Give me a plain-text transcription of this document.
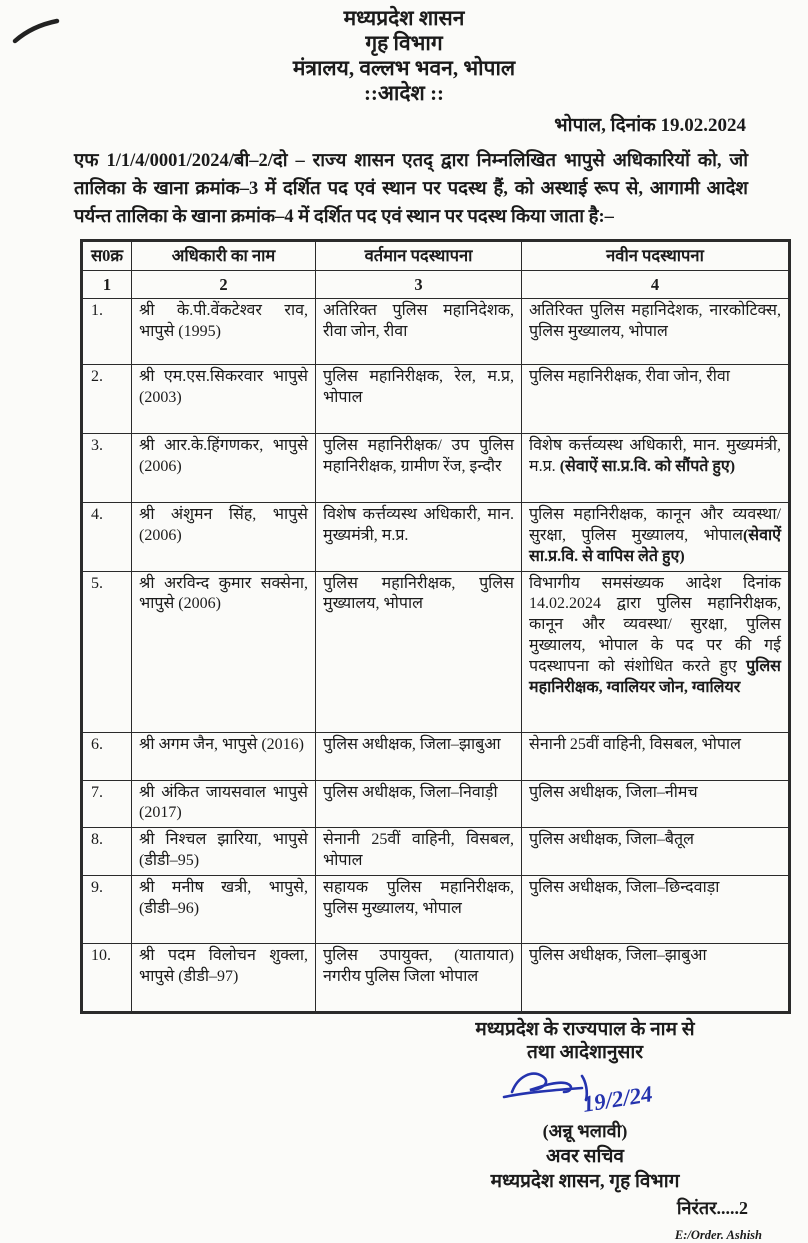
मध्यप्रदेश शासन
गृह विभाग
मंत्रालय, वल्लभ भवन, भोपाल
::आदेश ::
भोपाल, दिनांक 19.02.2024
एफ 1/1/4/0001/2024/बी–2/दो – राज्य शासन एतद् द्वारा निम्नलिखित भापुसे अधिकारियों को, जो तालिका के खाना क्रमांक–3 में दर्शित पद एवं स्थान पर पदस्थ हैं, को अस्थाई रूप से, आगामी आदेश पर्यन्त तालिका के खाना क्रमांक–4 में दर्शित पद एवं स्थान पर पदस्थ किया जाता है:–
स0क्र	अधिकारी का नाम	वर्तमान पदस्थापना	नवीन पदस्थापना
1	2	3	4
1.	श्री के.पी.वेंकटेश्वर राव, भापुसे (1995)	अतिरिक्त पुलिस महानिदेशक, रीवा जोन, रीवा	अतिरिक्त पुलिस महानिदेशक, नारकोटिक्स, पुलिस मुख्यालय, भोपाल
2.	श्री एम.एस.सिकरवार भापुसे (2003)	पुलिस महानिरीक्षक, रेल, म.प्र, भोपाल	पुलिस महानिरीक्षक, रीवा जोन, रीवा
3.	श्री आर.के.हिंगणकर, भापुसे (2006)	पुलिस महानिरीक्षक/ उप पुलिस महानिरीक्षक, ग्रामीण रेंज, इन्दौर	विशेष कर्त्तव्यस्थ अधिकारी, मान. मुख्यमंत्री, म.प्र. (सेवाऐं सा.प्र.वि. को सौंपते हुए)
4.	श्री अंशुमन सिंह, भापुसे (2006)	विशेष कर्त्तव्यस्थ अधिकारी, मान. मुख्यमंत्री, म.प्र.	पुलिस महानिरीक्षक, कानून और व्यवस्था/सुरक्षा, पुलिस मुख्यालय, भोपाल(सेवाऐं सा.प्र.वि. से वापिस लेते हुए)
5.	श्री अरविन्द कुमार सक्सेना, भापुसे (2006)	पुलिस महानिरीक्षक, पुलिस मुख्यालय, भोपाल	विभागीय समसंख्यक आदेश दिनांक 14.02.2024 द्वारा पुलिस महानिरीक्षक, कानून और व्यवस्था/ सुरक्षा, पुलिस मुख्यालय, भोपाल के पद पर की गई पदस्थापना को संशोधित करते हुए पुलिस महानिरीक्षक, ग्वालियर जोन, ग्वालियर
6.	श्री अगम जैन, भापुसे (2016)	पुलिस अधीक्षक, जिला–झाबुआ	सेनानी 25वीं वाहिनी, विसबल, भोपाल
7.	श्री अंकित जायसवाल भापुसे (2017)	पुलिस अधीक्षक, जिला–निवाड़ी	पुलिस अधीक्षक, जिला–नीमच
8.	श्री निश्चल झारिया, भापुसे (डीडी–95)	सेनानी 25वीं वाहिनी, विसबल, भोपाल	पुलिस अधीक्षक, जिला–बैतूल
9.	श्री मनीष खत्री, भापुसे, (डीडी–96)	सहायक पुलिस महानिरीक्षक, पुलिस मुख्यालय, भोपाल	पुलिस अधीक्षक, जिला–छिन्दवाड़ा
10.	श्री पदम विलोचन शुक्ला, भापुसे (डीडी–97)	पुलिस उपायुक्त, (यातायात) नगरीय पुलिस जिला भोपाल	पुलिस अधीक्षक, जिला–झाबुआ
मध्यप्रदेश के राज्यपाल के नाम से
तथा आदेशानुसार
19/2/24
(अन्नू भलावी)
अवर सचिव
मध्यप्रदेश शासन, गृह विभाग
निरंतर.....2
E:/Order. Ashish
